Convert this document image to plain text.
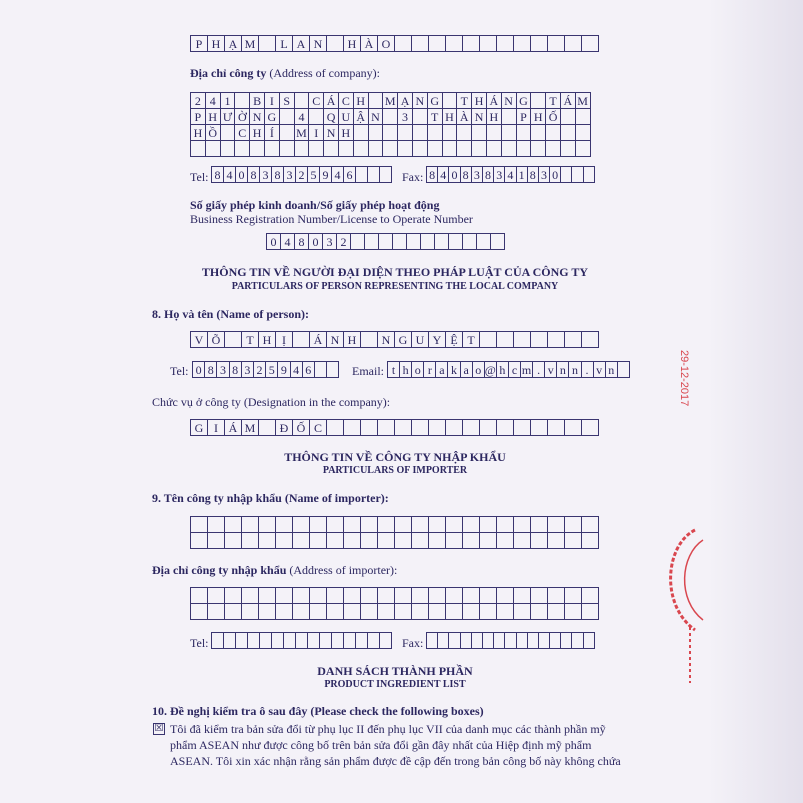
P H Ạ M	L A N	H À O
Địa chỉ công ty (Address of company):
2 4 1	B I S	C Á C H M Ạ N G T H Á N G T Á M
P H Ư Ờ N G	4	Q U Ậ N	3	T H À N H P H Ố
H Ồ C H Í	M I N H
Tel: 8 4 0 8 3 8 3 2 5 9 4 6	Fax: 8 4 0 8 3 8 3 4 1 8 3 0
Số giấy phép kinh doanh/Số giấy phép hoạt động
Business Registration Number/License to Operate Number
0 4 8 0 3 2
THÔNG TIN VỀ NGƯỜI ĐẠI DIỆN THEO PHÁP LUẬT CỦA CÔNG TY
PARTICULARS OF PERSON REPRESENTING THE LOCAL COMPANY
8. Họ và tên (Name of person):
V Õ	T H Ị	Á N H	N G U Y Ệ T
Tel: 0 8 3 8 3 2 5 9 4 6	Email: t h o r a k a o @ h c m . v n n . v n
Chức vụ ở công ty (Designation in the company):
G I Á M	Đ Ố C
THÔNG TIN VỀ CÔNG TY NHẬP KHẨU
PARTICULARS OF IMPORTER
9. Tên công ty nhập khẩu (Name of importer):
Địa chỉ công ty nhập khẩu (Address of importer):
Tel:	Fax:
DANH SÁCH THÀNH PHẦN
PRODUCT INGREDIENT LIST
10. Đề nghị kiểm tra ô sau đây (Please check the following boxes)
☒ Tôi đã kiểm tra bản sửa đổi từ phụ lục II đến phụ lục VII của danh mục các thành phần mỹ
phẩm ASEAN như được công bố trên bản sửa đổi gần đây nhất của Hiệp định mỹ phẩm
ASEAN. Tôi xin xác nhận rằng sản phẩm được đề cập đến trong bản công bố này không chứa
29-12-2017
